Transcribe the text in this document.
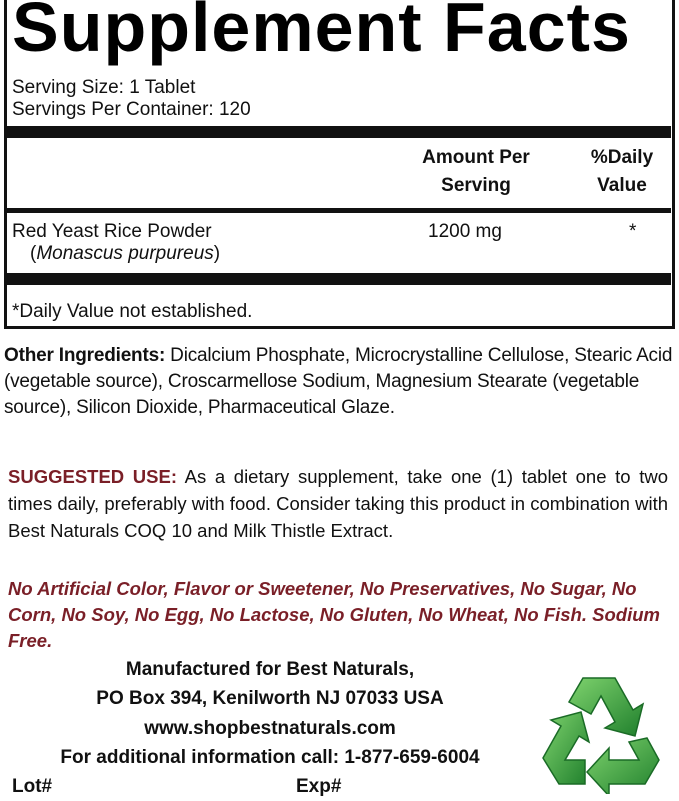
Supplement Facts
Serving Size: 1 Tablet
Servings Per Container: 120
Amount Per
Serving
%Daily
Value
Red Yeast Rice Powder
(Monascus purpureus)
1200 mg	*
*Daily Value not established.
Other Ingredients: Dicalcium Phosphate, Microcrystalline Cellulose, Stearic Acid (vegetable source), Croscarmellose Sodium, Magnesium Stearate (vegetable source), Silicon Dioxide, Pharmaceutical Glaze.
SUGGESTED USE: As a dietary supplement, take one (1) tablet one to two times daily, preferably with food. Consider taking this product in combination with Best Naturals COQ 10 and Milk Thistle Extract.
No Artificial Color, Flavor or Sweetener, No Preservatives, No Sugar, No Corn, No Soy, No Egg, No Lactose, No Gluten, No Wheat, No Fish. Sodium Free.
Manufactured for Best Naturals,
PO Box 394, Kenilworth NJ 07033 USA
www.shopbestnaturals.com
For additional information call: 1-877-659-6004
Lot#	Exp#
